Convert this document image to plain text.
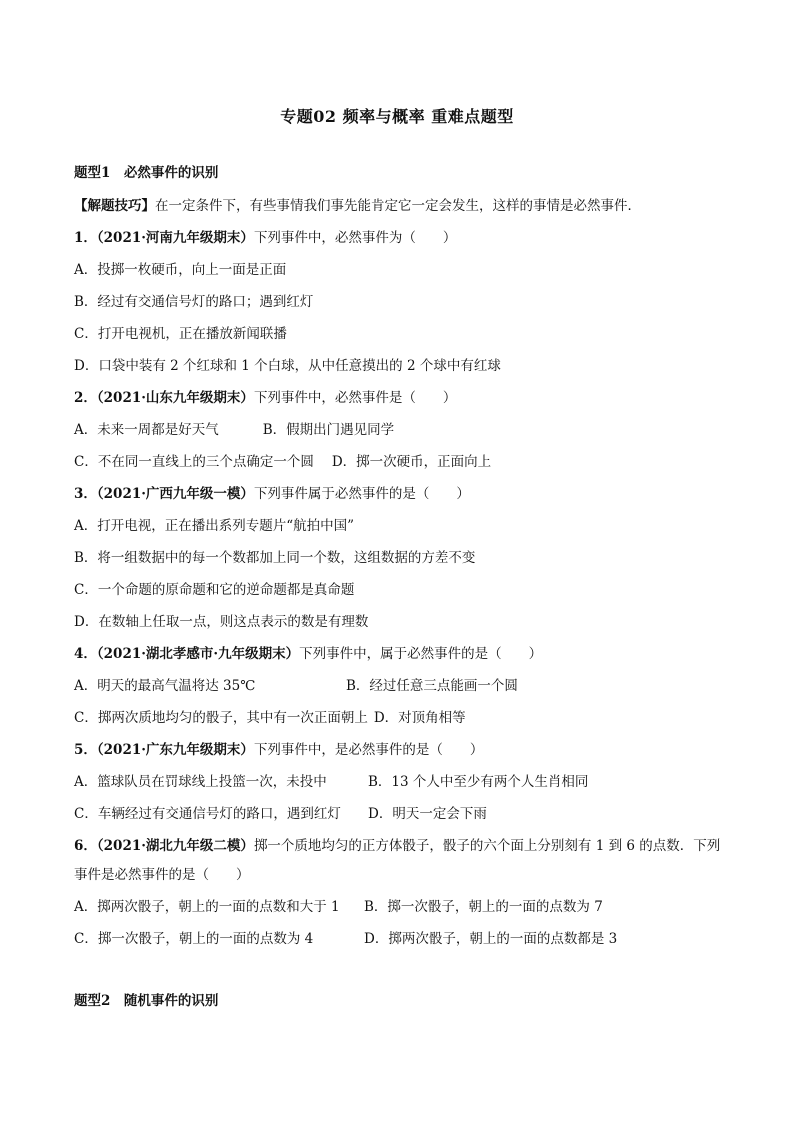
专题02 频率与概率 重难点题型
题型1　必然事件的识别
【解题技巧】在一定条件下，有些事情我们事先能肯定它一定会发生，这样的事情是必然事件．
1．（2021·河南九年级期末）下列事件中，必然事件为（　　）
A．投掷一枚硬币，向上一面是正面
B．经过有交通信号灯的路口；遇到红灯
C．打开电视机，正在播放新闻联播
D．口袋中装有 2 个红球和 1 个白球，从中任意摸出的 2 个球中有红球
2．（2021·山东九年级期末）下列事件中，必然事件是（　　）
A．未来一周都是好天气	B．假期出门遇见同学
C．不在同一直线上的三个点确定一个圆 D．掷一次硬币，正面向上
3．（2021·广西九年级一模）下列事件属于必然事件的是（　　）
A．打开电视，正在播出系列专题片“航拍中国”
B．将一组数据中的每一个数都加上同一个数，这组数据的方差不变
C．一个命题的原命题和它的逆命题都是真命题
D．在数轴上任取一点，则这点表示的数是有理数
4．（2021·湖北孝感市·九年级期末）下列事件中，属于必然事件的是（　　）
A．明天的最高气温将达 35℃	B．经过任意三点能画一个圆
C．掷两次质地均匀的骰子，其中有一次正面朝上 D．对顶角相等
5．（2021·广东九年级期末）下列事件中，是必然事件的是（　　）
A．篮球队员在罚球线上投篮一次，未投中	B．13 个人中至少有两个人生肖相同
C．车辆经过有交通信号灯的路口，遇到红灯 D．明天一定会下雨
6．（2021·湖北九年级二模）掷一个质地均匀的正方体骰子，骰子的六个面上分别刻有 1 到 6 的点数．下列
事件是必然事件的是（　　）
A．掷两次骰子，朝上的一面的点数和大于 1 B．掷一次骰子，朝上的一面的点数为 7
C．掷一次骰子，朝上的一面的点数为 4	D．掷两次骰子，朝上的一面的点数都是 3
题型2　随机事件的识别
